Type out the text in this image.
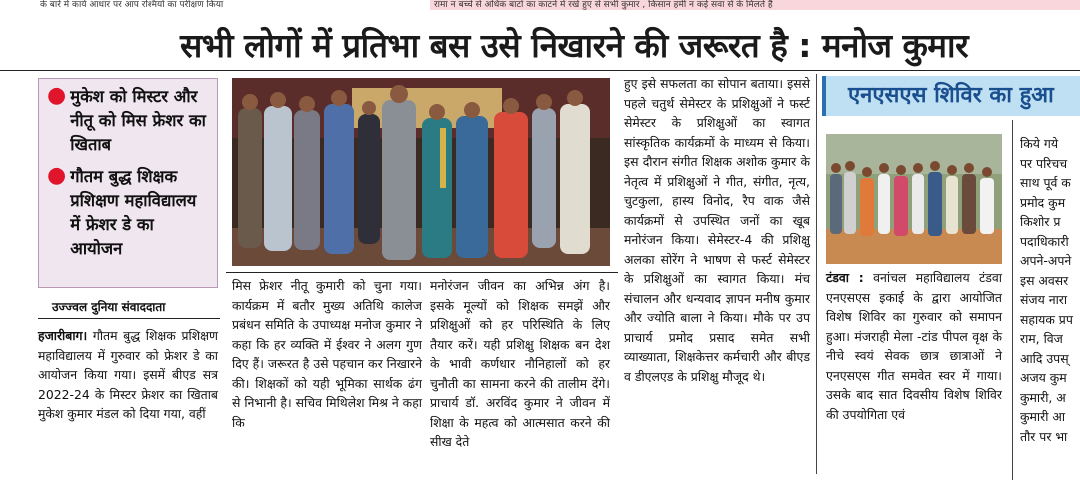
के बारे में कार्य आधार पर आप रश्मियों का परीक्षण किया	रामा न बच्चे से अधिक बाटों का काटने में रखें हुए से सभी कुमार , किसान हमी न कई सवा से के मिलते है
सभी लोगों में प्रतिभा बस उसे निखारने की जरूरत है : मनोज कुमार
● मुकेश को मिस्टर और नीतू को मिस फ्रेशर का खिताब
● गौतम बुद्ध शिक्षक प्रशिक्षण महाविद्यालय में फ्रेशर डे का आयोजन
उज्ज्वल दुनिया संवाददाता

हजारीबाग। गौतम बुद्ध शिक्षक प्रशिक्षण महाविद्यालय में गुरुवार को फ्रेशर डे का आयोजन किया गया। इसमें बीएड सत्र 2022-24 के मिस्टर फ्रेशर का खिताब मुकेश कुमार मंडल को दिया गया, वहीं

मिस फ्रेशर नीतू कुमारी को चुना गया। कार्यक्रम में बतौर मुख्य अतिथि कालेज प्रबंधन समिति के उपाध्यक्ष मनोज कुमार ने कहा कि हर व्यक्ति में ईश्वर ने अलग गुण दिए हैं। जरूरत है उसे पहचान कर निखारने की। शिक्षकों को यही भूमिका सार्थक ढंग से निभानी है। सचिव मिथिलेश मिश्र ने कहा कि

मनोरंजन जीवन का अभिन्न अंग है। इसके मूल्यों को शिक्षक समझें और प्रशिक्षुओं को हर परिस्थिति के लिए तैयार करें। यही प्रशिक्षु शिक्षक बन देश के भावी कर्णधार नौनिहालों को हर चुनौती का सामना करने की तालीम देंगे। प्राचार्य डॉ. अरविंद कुमार ने जीवन में शिक्षा के महत्व को आत्मसात करने की सीख देते

हुए इसे सफलता का सोपान बताया। इससे पहले चतुर्थ सेमेस्टर के प्रशिक्षुओं ने फर्स्ट सेमेस्टर के प्रशिक्षुओं का स्वागत सांस्कृतिक कार्यक्रमों के माध्यम से किया। इस दौरान संगीत शिक्षक अशोक कुमार के नेतृत्व में प्रशिक्षुओं ने गीत, संगीत, नृत्य, चुटकुला, हास्य विनोद, रैप वाक जैसे कार्यक्रमों से उपस्थित जनों का खूब मनोरंजन किया। सेमेस्टर-4 की प्रशिक्षु अलका सोरेंग ने भाषण से फर्स्ट सेमेस्टर के प्रशिक्षुओं का स्वागत किया। मंच संचालन और धन्यवाद ज्ञापन मनीष कुमार और ज्योति बाला ने किया। मौके पर उप प्राचार्य प्रमोद प्रसाद समेत सभी व्याख्याता, शिक्षकेत्तर कर्मचारी और बीएड व डीएलएड के प्रशिक्षु मौजूद थे।

एनएसएस शिविर का हुआ

टंडवा : वनांचल महाविद्यालय टंडवा एनएसएस इकाई के द्वारा आयोजित विशेष शिविर का गुरुवार को समापन हुआ। मंजराही मेला -टांड पीपल वृक्ष के नीचे स्वयं सेवक छात्र छात्राओं ने एनएसएस गीत समवेत स्वर में गाया। उसके बाद सात दिवसीय विशेष शिविर की उपयोगिता एवं

किये गये
पर परिचच
साथ पूर्व क
प्रमोद कुम
किशोर प्र
पदाधिकारी
अपने-अपने
इस अवसर
संजय नारा
सहायक प्रप
राम, विज
आदि उपस्
अजय कुम
कुमारी, अ
कुमारी आ
तौर पर भा
